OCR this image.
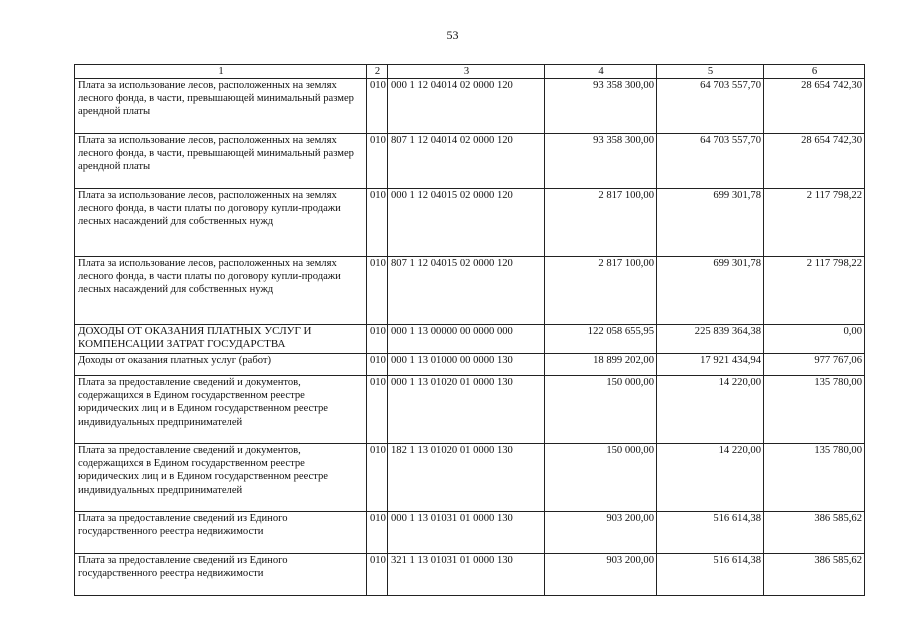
53
1	2	3	4	5	6
Плата за использование лесов, расположенных на землях лесного фонда, в части, превышающей минимальный размер арендной платы	010	000 1 12 04014 02 0000 120	93 358 300,00	64 703 557,70	28 654 742,30
Плата за использование лесов, расположенных на землях лесного фонда, в части, превышающей минимальный размер арендной платы	010	807 1 12 04014 02 0000 120	93 358 300,00	64 703 557,70	28 654 742,30
Плата за использование лесов, расположенных на землях лесного фонда, в части платы по договору купли-продажи лесных насаждений для собственных нужд	010	000 1 12 04015 02 0000 120	2 817 100,00	699 301,78	2 117 798,22
Плата за использование лесов, расположенных на землях лесного фонда, в части платы по договору купли-продажи лесных насаждений для собственных нужд	010	807 1 12 04015 02 0000 120	2 817 100,00	699 301,78	2 117 798,22
ДОХОДЫ ОТ ОКАЗАНИЯ ПЛАТНЫХ УСЛУГ И КОМПЕНСАЦИИ ЗАТРАТ ГОСУДАРСТВА	010	000 1 13 00000 00 0000 000	122 058 655,95	225 839 364,38	0,00
Доходы от оказания платных услуг (работ)	010	000 1 13 01000 00 0000 130	18 899 202,00	17 921 434,94	977 767,06
Плата за предоставление сведений и документов, содержащихся в Едином государственном реестре юридических лиц и в Едином государственном реестре индивидуальных предпринимателей	010	000 1 13 01020 01 0000 130	150 000,00	14 220,00	135 780,00
Плата за предоставление сведений и документов, содержащихся в Едином государственном реестре юридических лиц и в Едином государственном реестре индивидуальных предпринимателей	010	182 1 13 01020 01 0000 130	150 000,00	14 220,00	135 780,00
Плата за предоставление сведений из Единого государственного реестра недвижимости	010	000 1 13 01031 01 0000 130	903 200,00	516 614,38	386 585,62
Плата за предоставление сведений из Единого государственного реестра недвижимости	010	321 1 13 01031 01 0000 130	903 200,00	516 614,38	386 585,62
